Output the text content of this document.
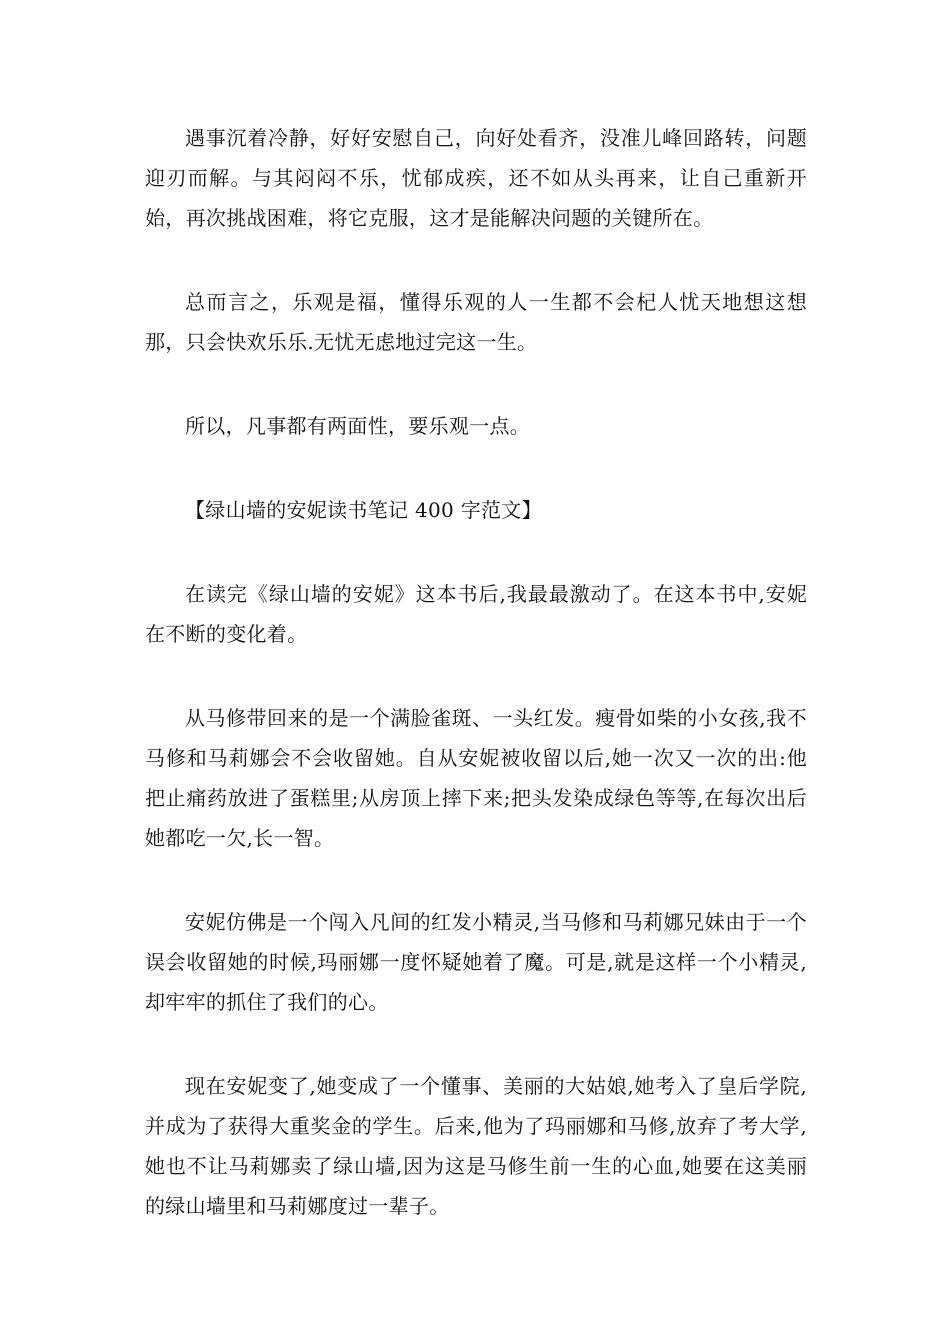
遇事沉着冷静，好好安慰自己，向好处看齐，没准儿峰回路转，问题迎刃而解。与其闷闷不乐，忧郁成疾，还不如从头再来，让自己重新开始，再次挑战困难，将它克服，这才是能解决问题的关键所在。

总而言之，乐观是福，懂得乐观的人一生都不会杞人忧天地想这想那，只会快欢乐乐.无忧无虑地过完这一生。

所以，凡事都有两面性，要乐观一点。

【绿山墙的安妮读书笔记 400 字范文】

在读完《绿山墙的安妮》这本书后,我最最激动了。在这本书中,安妮在不断的变化着。

从马修带回来的是一个满脸雀斑、一头红发。瘦骨如柴的小女孩,我不马修和马莉娜会不会收留她。自从安妮被收留以后,她一次又一次的出:他把止痛药放进了蛋糕里;从房顶上摔下来;把头发染成绿色等等,在每次出后她都吃一欠,长一智。

安妮仿佛是一个闯入凡间的红发小精灵,当马修和马莉娜兄妹由于一个误会收留她的时候,玛丽娜一度怀疑她着了魔。可是,就是这样一个小精灵,却牢牢的抓住了我们的心。

现在安妮变了,她变成了一个懂事、美丽的大姑娘,她考入了皇后学院,并成为了获得大重奖金的学生。后来,他为了玛丽娜和马修,放弃了考大学,她也不让马莉娜卖了绿山墙,因为这是马修生前一生的心血,她要在这美丽的绿山墙里和马莉娜度过一辈子。
